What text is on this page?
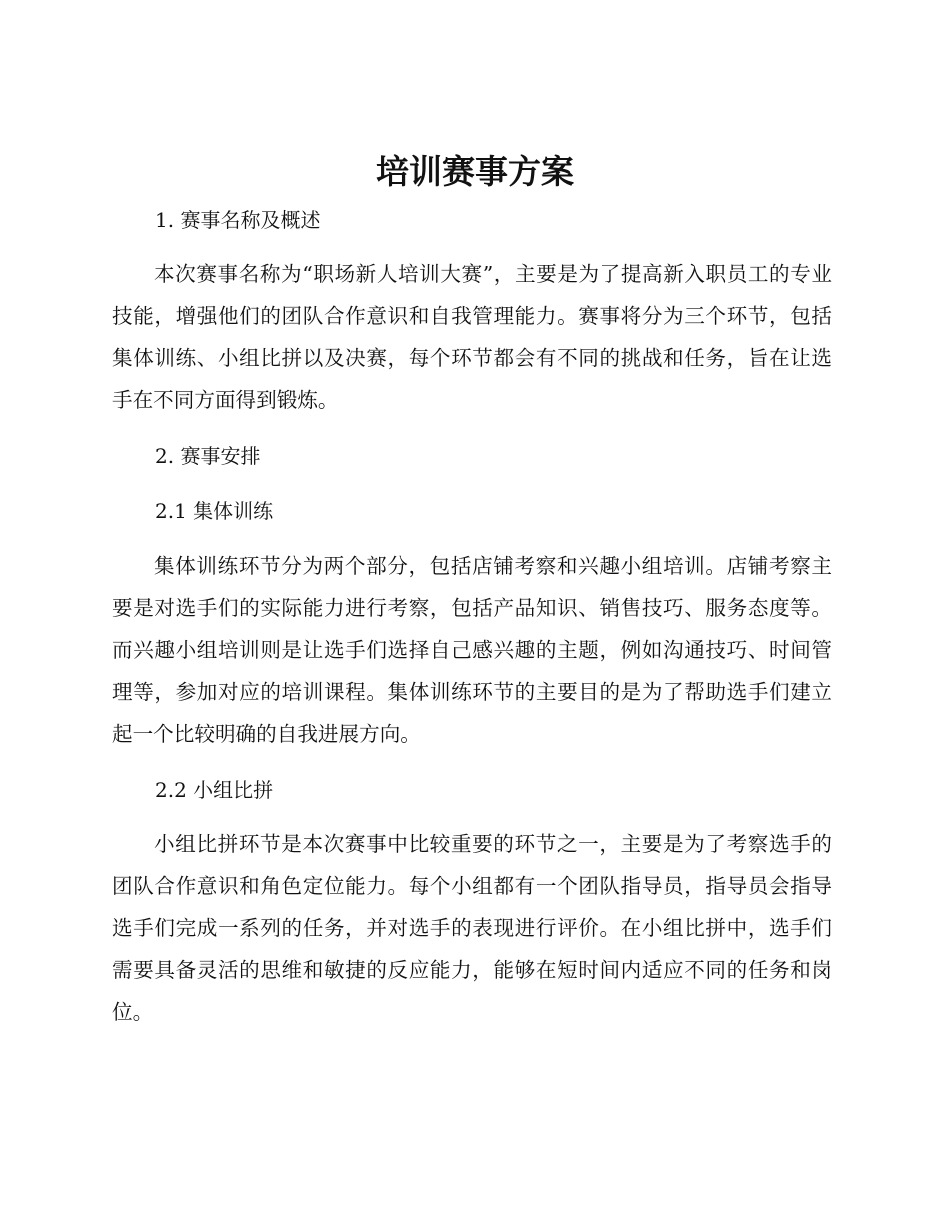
培训赛事方案
1. 赛事名称及概述

本次赛事名称为“职场新人培训大赛”，主要是为了提高新入职员工的专业技能，增强他们的团队合作意识和自我管理能力。赛事将分为三个环节，包括集体训练、小组比拼以及决赛，每个环节都会有不同的挑战和任务，旨在让选手在不同方面得到锻炼。

2. 赛事安排
2.1 集体训练

集体训练环节分为两个部分，包括店铺考察和兴趣小组培训。店铺考察主要是对选手们的实际能力进行考察，包括产品知识、销售技巧、服务态度等。而兴趣小组培训则是让选手们选择自己感兴趣的主题，例如沟通技巧、时间管理等，参加对应的培训课程。集体训练环节的主要目的是为了帮助选手们建立起一个比较明确的自我进展方向。

2.2 小组比拼

小组比拼环节是本次赛事中比较重要的环节之一，主要是为了考察选手的团队合作意识和角色定位能力。每个小组都有一个团队指导员，指导员会指导选手们完成一系列的任务，并对选手的表现进行评价。在小组比拼中，选手们需要具备灵活的思维和敏捷的反应能力，能够在短时间内适应不同的任务和岗位。
